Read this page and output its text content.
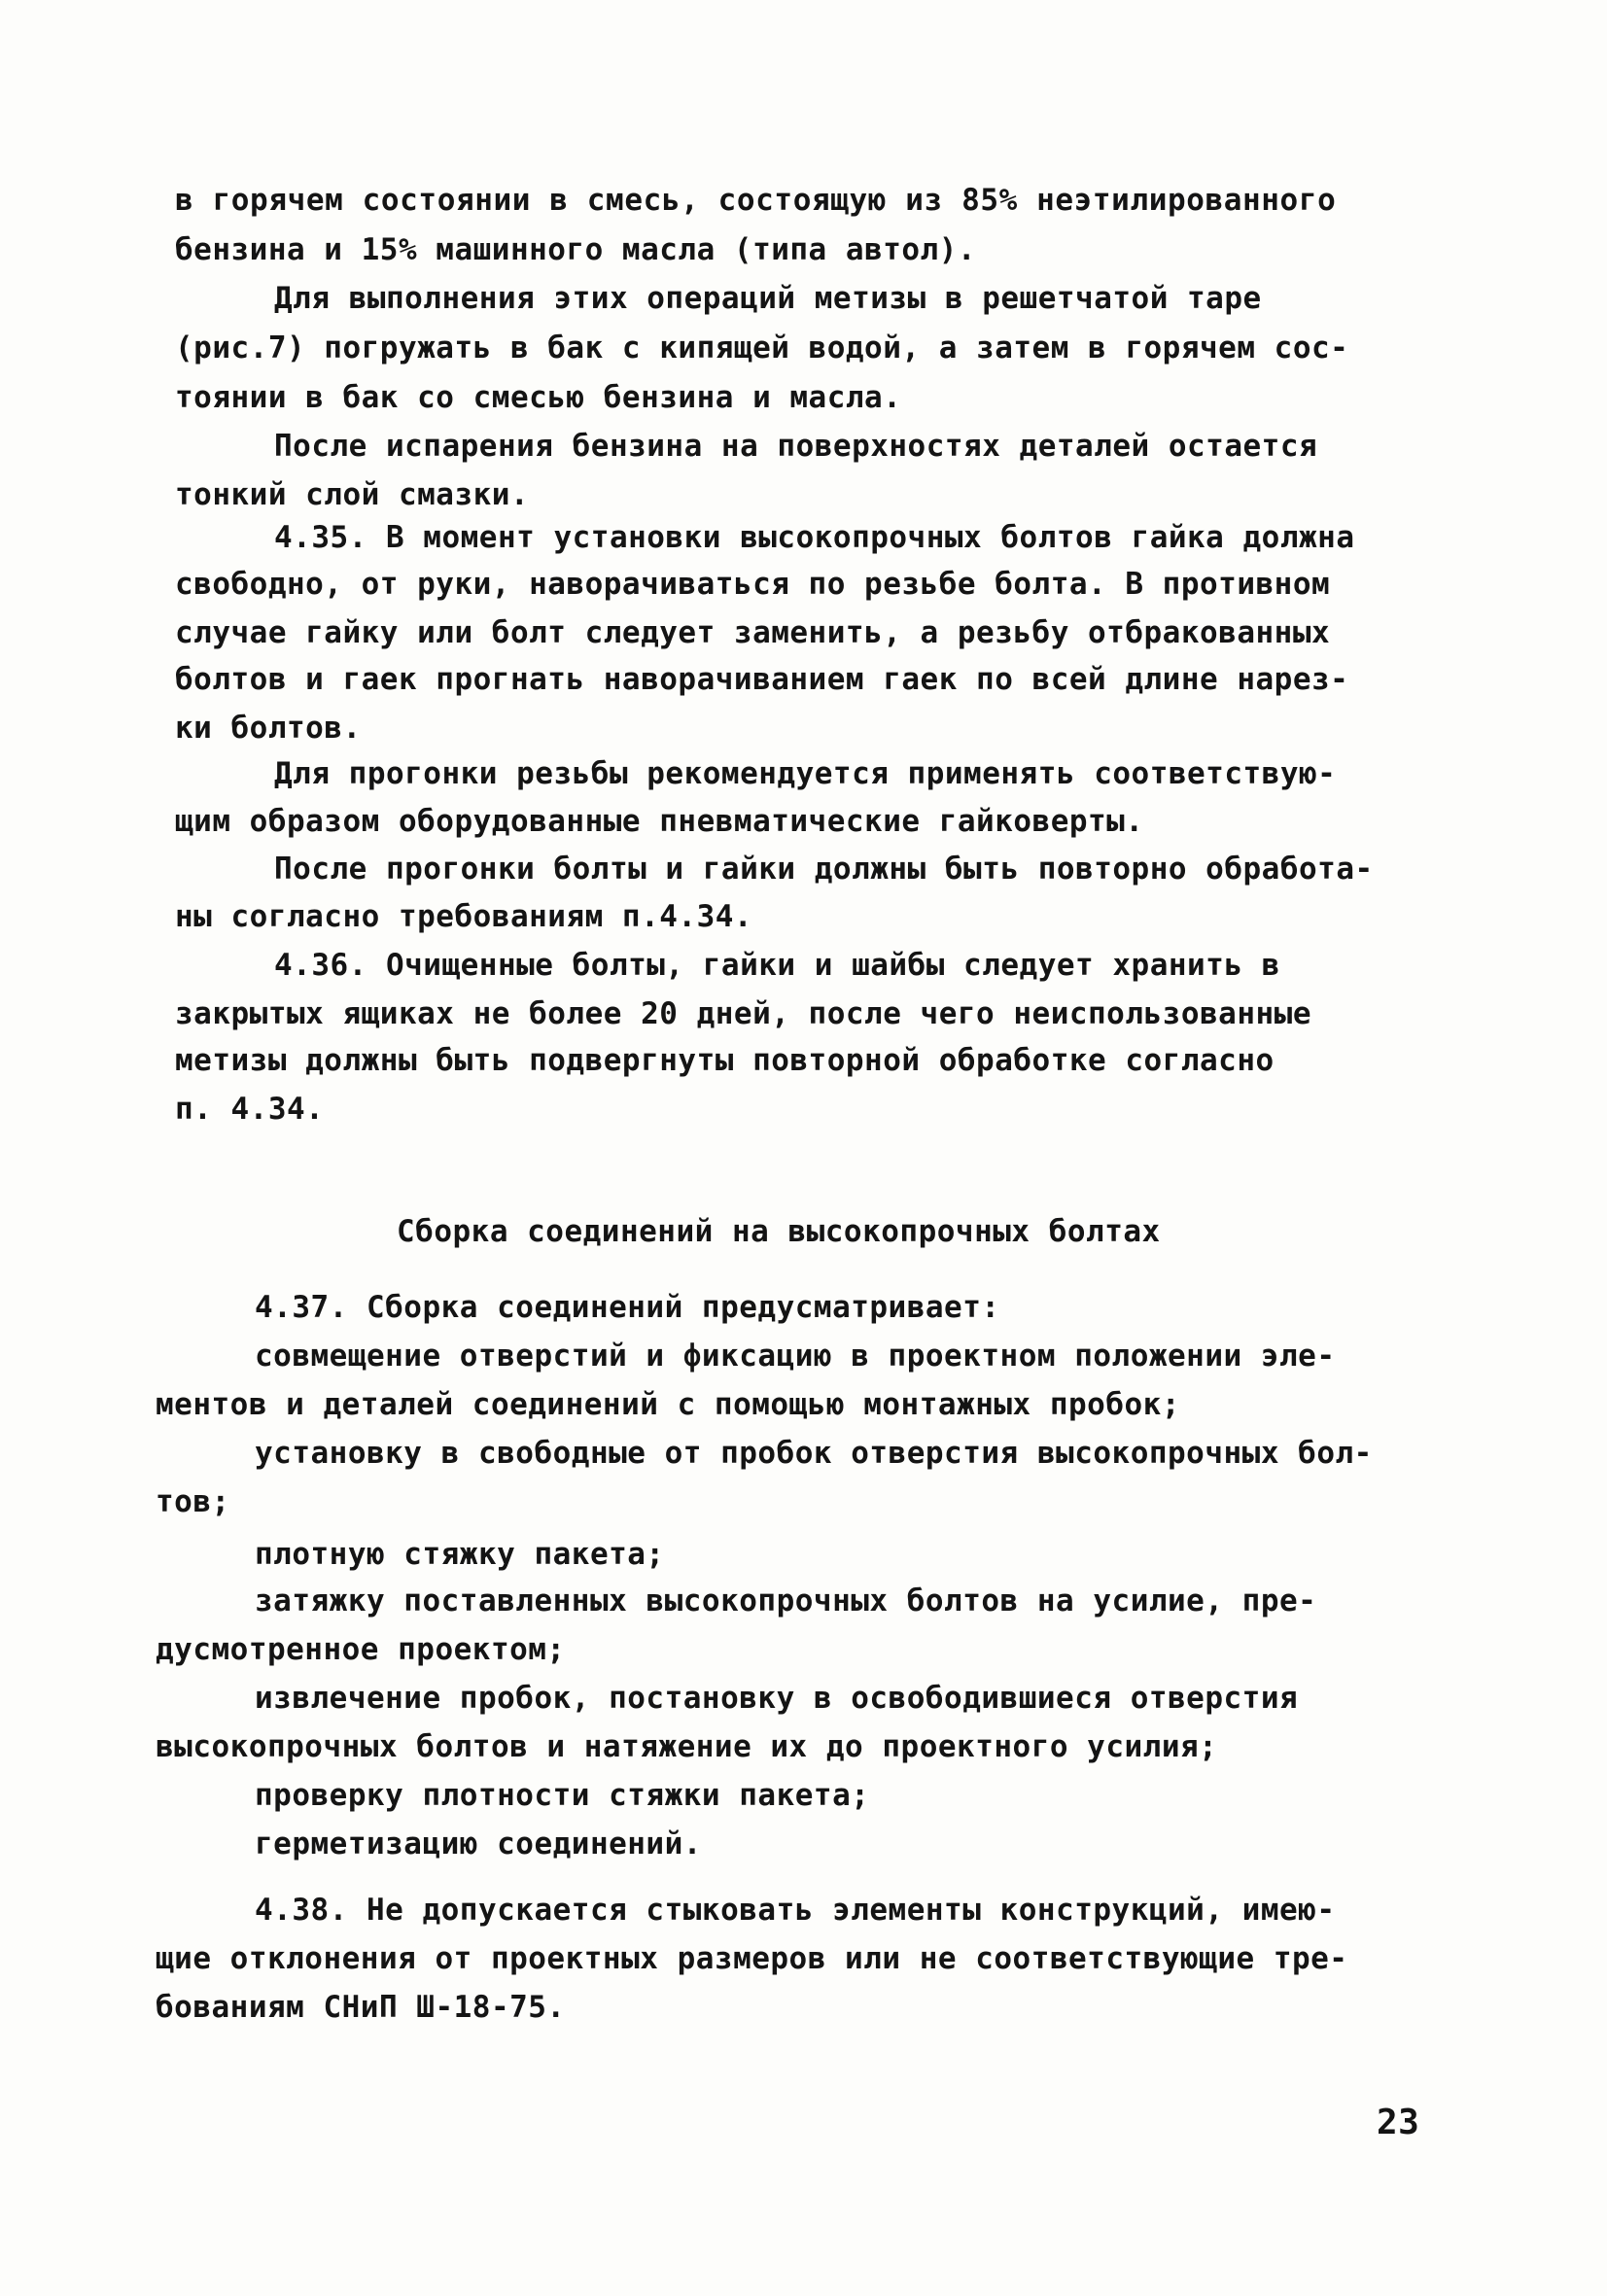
в горячем состоянии в смесь, состоящую из 85% неэтилированного
бензина и 15% машинного масла (типа автол).
Для выполнения этих операций метизы в решетчатой таре
(рис.7) погружать в бак с кипящей водой, а затем в горячем сос-
тоянии в бак со смесью бензина и масла.
После испарения бензина на поверхностях деталей остается
тонкий слой смазки.
4.35. В момент установки высокопрочных болтов гайка должна
свободно, от руки, наворачиваться по резьбе болта. В противном
случае гайку или болт следует заменить, а резьбу отбракованных
болтов и гаек прогнать наворачиванием гаек по всей длине нарез-
ки болтов.
Для прогонки резьбы рекомендуется применять соответствую-
щим образом оборудованные пневматические гайковерты.
После прогонки болты и гайки должны быть повторно обработа-
ны согласно требованиям п.4.34.
4.36. Очищенные болты, гайки и шайбы следует хранить в
закрытых ящиках не более 20 дней, после чего неиспользованные
метизы должны быть подвергнуты повторной обработке согласно
п. 4.34.
Сборка соединений на высокопрочных болтах
4.37. Сборка соединений предусматривает:
совмещение отверстий и фиксацию в проектном положении эле-
ментов и деталей соединений с помощью монтажных пробок;
установку в свободные от пробок отверстия высокопрочных бол-
тов;
плотную стяжку пакета;
затяжку поставленных высокопрочных болтов на усилие, пре-
дусмотренное проектом;
извлечение пробок, постановку в освободившиеся отверстия
высокопрочных болтов и натяжение их до проектного усилия;
проверку плотности стяжки пакета;
герметизацию соединений.
4.38. Не допускается стыковать элементы конструкций, имею-
щие отклонения от проектных размеров или не соответствующие тре-
бованиям СНиП Ш-18-75.
23
